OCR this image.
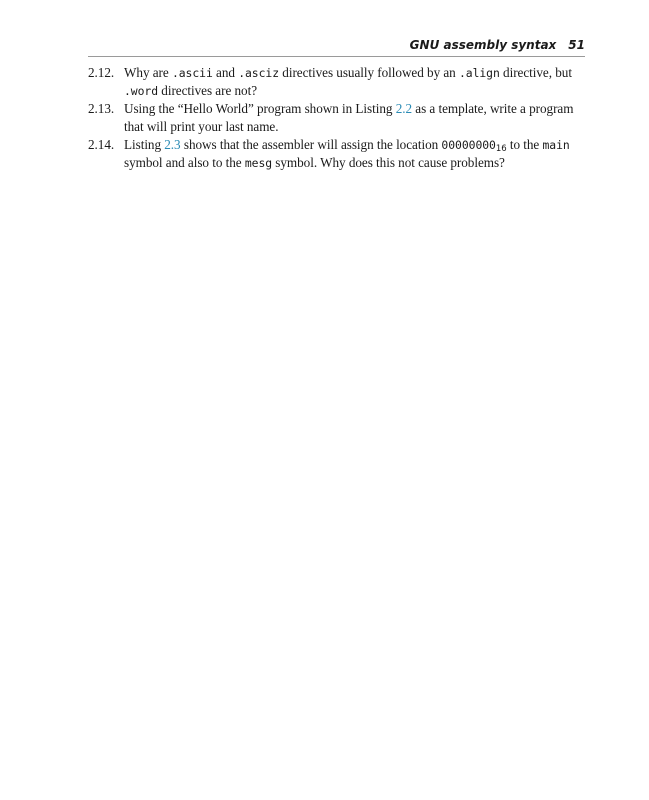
GNU assembly syntax 51
2.12. Why are .ascii and .asciz directives usually followed by an .align directive, but .word directives are not?
2.13. Using the “Hello World” program shown in Listing 2.2 as a template, write a program that will print your last name.
2.14. Listing 2.3 shows that the assembler will assign the location $00000000_{16}$ to the main symbol and also to the mesg symbol. Why does this not cause problems?
